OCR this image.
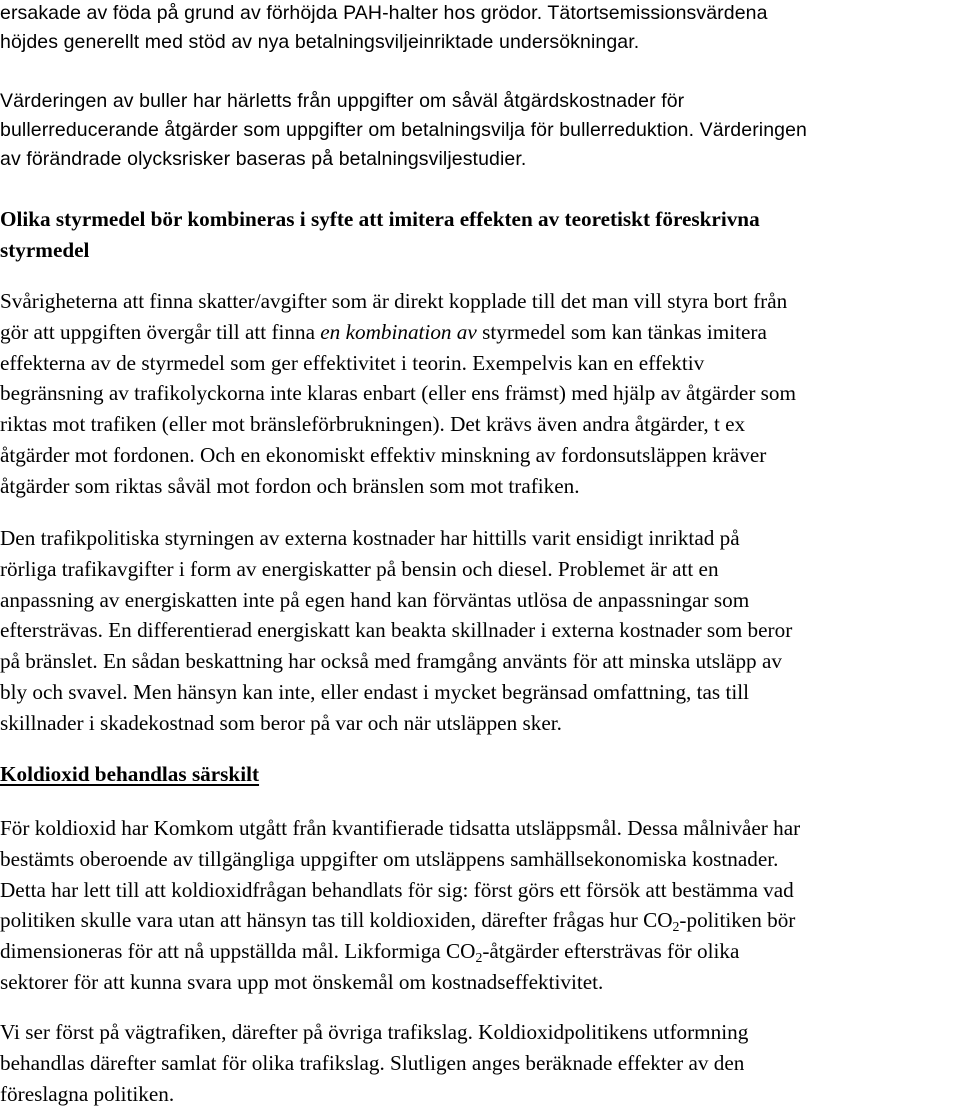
ersakade av föda på grund av förhöjda PAH-halter hos grödor. Tätortsemissionsvärdena
höjdes generellt med stöd av nya betalningsviljeinriktade undersökningar.

Värderingen av buller har härletts från uppgifter om såväl åtgärdskostnader för
bullerreducerande åtgärder som uppgifter om betalningsvilja för bullerreduktion. Värderingen
av förändrade olycksrisker baseras på betalningsviljestudier.

Olika styrmedel bör kombineras i syfte att imitera effekten av teoretiskt föreskrivna
styrmedel

Svårigheterna att finna skatter/avgifter som är direkt kopplade till det man vill styra bort från
gör att uppgiften övergår till att finna en kombination av styrmedel som kan tänkas imitera
effekterna av de styrmedel som ger effektivitet i teorin. Exempelvis kan en effektiv
begränsning av trafikolyckorna inte klaras enbart (eller ens främst) med hjälp av åtgärder som
riktas mot trafiken (eller mot bränsleförbrukningen). Det krävs även andra åtgärder, t ex
åtgärder mot fordonen. Och en ekonomiskt effektiv minskning av fordonsutsläppen kräver
åtgärder som riktas såväl mot fordon och bränslen som mot trafiken.

Den trafikpolitiska styrningen av externa kostnader har hittills varit ensidigt inriktad på
rörliga trafikavgifter i form av energiskatter på bensin och diesel. Problemet är att en
anpassning av energiskatten inte på egen hand kan förväntas utlösa de anpassningar som
eftersträvas. En differentierad energiskatt kan beakta skillnader i externa kostnader som beror
på bränslet. En sådan beskattning har också med framgång använts för att minska utsläpp av
bly och svavel. Men hänsyn kan inte, eller endast i mycket begränsad omfattning, tas till
skillnader i skadekostnad som beror på var och när utsläppen sker.

Koldioxid behandlas särskilt

För koldioxid har Komkom utgått från kvantifierade tidsatta utsläppsmål. Dessa målnivåer har
bestämts oberoende av tillgängliga uppgifter om utsläppens samhällsekonomiska kostnader.
Detta har lett till att koldioxidfrågan behandlats för sig: först görs ett försök att bestämma vad
politiken skulle vara utan att hänsyn tas till koldioxiden, därefter frågas hur $CO_2$-politiken bör
dimensioneras för att nå uppställda mål. Likformiga $CO_2$-åtgärder eftersträvas för olika
sektorer för att kunna svara upp mot önskemål om kostnadseffektivitet.

Vi ser först på vägtrafiken, därefter på övriga trafikslag. Koldioxidpolitikens utformning
behandlas därefter samlat för olika trafikslag. Slutligen anges beräknade effekter av den
föreslagna politiken.
